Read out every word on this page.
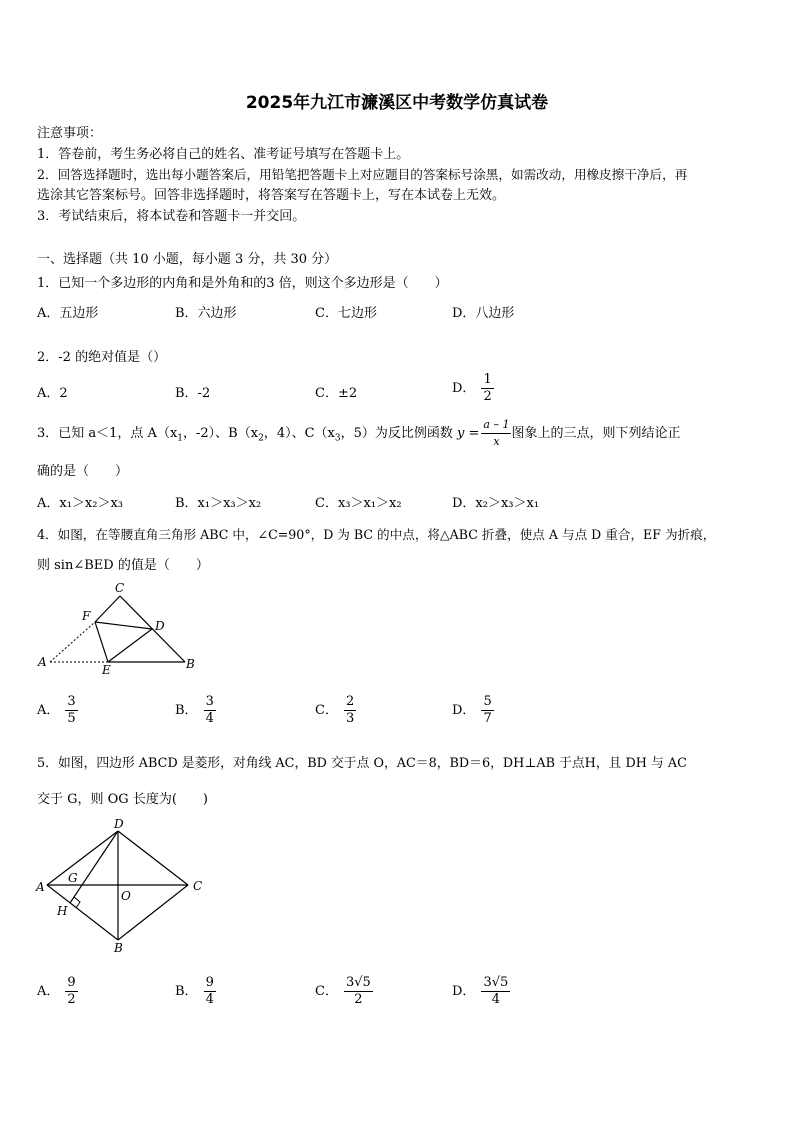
2025年九江市濂溪区中考数学仿真试卷
注意事项：
1．答卷前，考生务必将自己的姓名、准考证号填写在答题卡上。
2．回答选择题时，选出每小题答案后，用铅笔把答题卡上对应题目的答案标号涂黑，如需改动，用橡皮擦干净后，再
选涂其它答案标号。回答非选择题时，将答案写在答题卡上，写在本试卷上无效。
3．考试结束后，将本试卷和答题卡一并交回。
一、选择题（共 10 小题，每小题 3 分，共 30 分）
1．已知一个多边形的内角和是外角和的3 倍，则这个多边形是（　　）
A．五边形	B．六边形	C．七边形	D．八边形
2．-2 的绝对值是（）
A．2	B．-2	C．±2	D． $\frac{1}{2}$
3．已知 a＜1，点 $A(x_1$，-2）、$B(x_2$，4）、$C(x_3$，5）为反比例函数 $y = \frac{a - 1}{x}$ 图象上的三点，则下列结论正
确的是（　　）
A．x₁＞x₂＞x₃	B．x₁＞x₃＞x₂	C．x₃＞x₁＞x₂	D．x₂＞x₃＞x₁
4．如图，在等腰直角三角形 ABC 中，∠C=90°，D 为 BC 的中点，将△ABC 折叠，使点 A 与点 D 重合，EF 为折痕，
则 sin∠BED 的值是（　　）
C
F
D
A
E	B
A． $\frac{3}{5}$	B． $\frac{3}{4}$	C． $\frac{2}{3}$	D． $\frac{5}{7}$
5．如图，四边形 ABCD 是菱形，对角线 AC，BD 交于点 O，AC＝8，BD＝6，DH⊥AB 于点H，且 DH 与 AC
交于 G，则 OG 长度为(　　)
D
A
G
O
C
H
B
A． $\frac{9}{2}$	B． $\frac{9}{4}$	C． $\frac{3√5}{2}$	D． $\frac{3√5}{4}$
